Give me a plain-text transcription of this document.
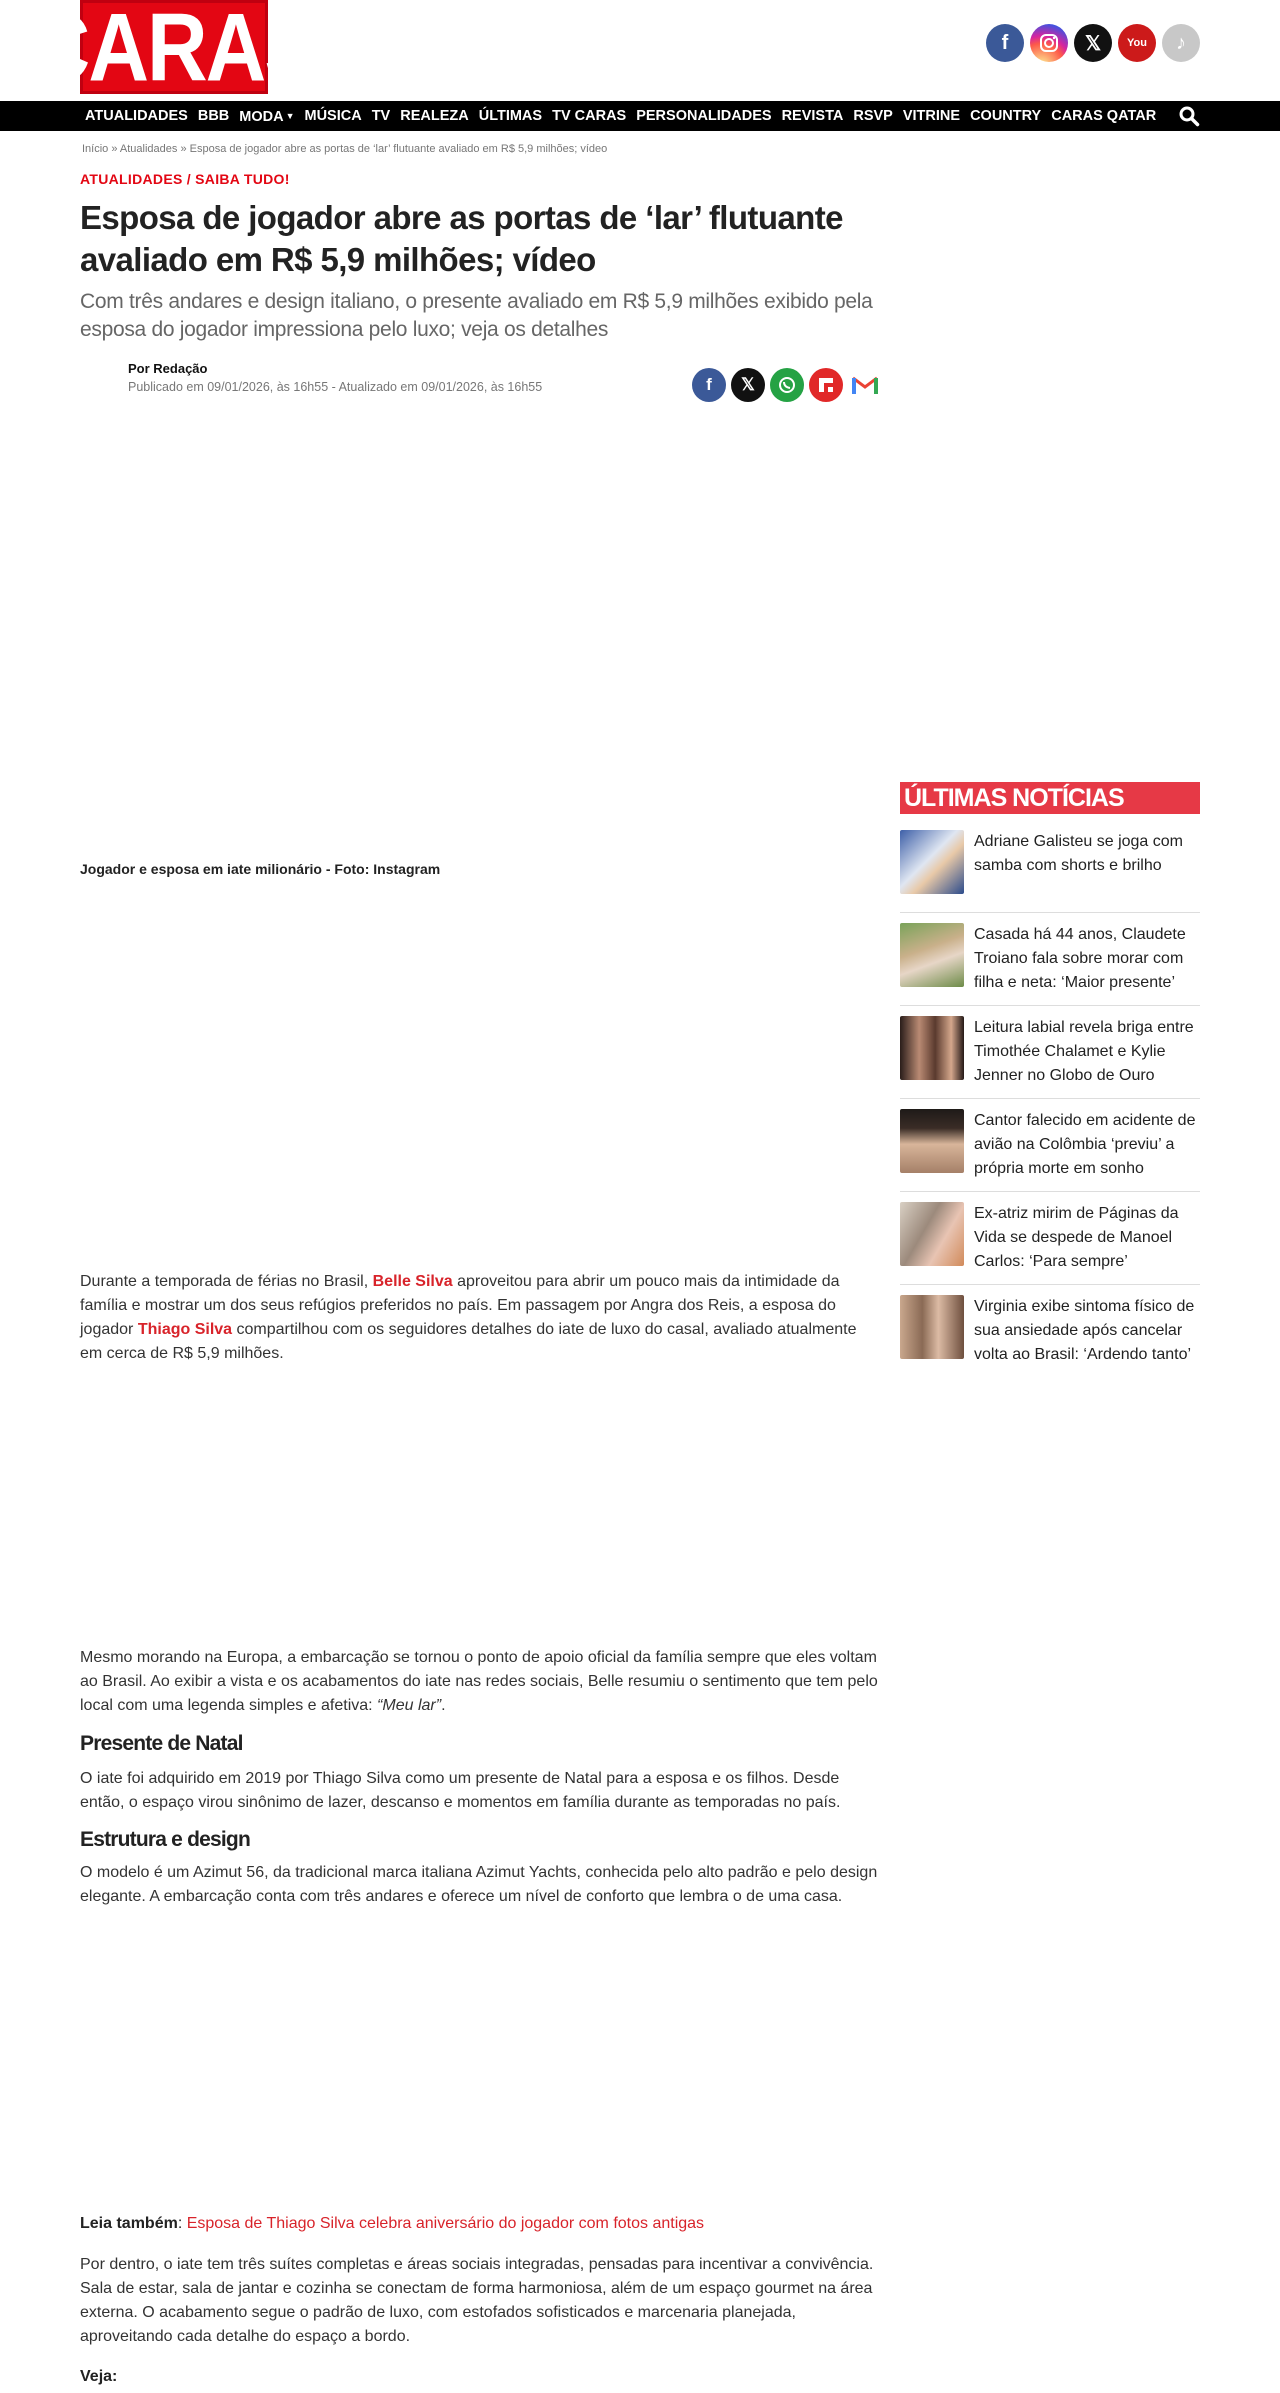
CARAS	f	𝕏	You	♪
ATUALIDADES BBB MODA ▼ MÚSICA TV REALEZA ÚLTIMAS TV CARAS PERSONALIDADES REVISTA RSVP VITRINE COUNTRY CARAS QATAR
Início » Atualidades » Esposa de jogador abre as portas de ‘lar’ flutuante avaliado em R$ 5,9 milhões; vídeo
ATUALIDADES / SAIBA TUDO!
Esposa de jogador abre as portas de ‘lar’ flutuante avaliado em R$ 5,9 milhões; vídeo
Com três andares e design italiano, o presente avaliado em R$ 5,9 milhões exibido pela esposa do jogador impressiona pelo luxo; veja os detalhes
Por Redação
Publicado em 09/01/2026, às 16h55 - Atualizado em 09/01/2026, às 16h55	f	𝕏
Jogador e esposa em iate milionário - Foto: Instagram

Durante a temporada de férias no Brasil, Belle Silva aproveitou para abrir um pouco mais da intimidade da família e mostrar um dos seus refúgios preferidos no país. Em passagem por Angra dos Reis, a esposa do jogador Thiago Silva compartilhou com os seguidores detalhes do iate de luxo do casal, avaliado atualmente em cerca de R$ 5,9 milhões.

Mesmo morando na Europa, a embarcação se tornou o ponto de apoio oficial da família sempre que eles voltam ao Brasil. Ao exibir a vista e os acabamentos do iate nas redes sociais, Belle resumiu o sentimento que tem pelo local com uma legenda simples e afetiva: “Meu lar”.

Presente de Natal

O iate foi adquirido em 2019 por Thiago Silva como um presente de Natal para a esposa e os filhos. Desde então, o espaço virou sinônimo de lazer, descanso e momentos em família durante as temporadas no país.

Estrutura e design

O modelo é um Azimut 56, da tradicional marca italiana Azimut Yachts, conhecida pelo alto padrão e pelo design elegante. A embarcação conta com três andares e oferece um nível de conforto que lembra o de uma casa.

Leia também: Esposa de Thiago Silva celebra aniversário do jogador com fotos antigas

Por dentro, o iate tem três suítes completas e áreas sociais integradas, pensadas para incentivar a convivência. Sala de estar, sala de jantar e cozinha se conectam de forma harmoniosa, além de um espaço gourmet na área externa. O acabamento segue o padrão de luxo, com estofados sofisticados e marcenaria planejada, aproveitando cada detalhe do espaço a bordo.

Veja:
ÚLTIMAS NOTÍCIAS
Adriane Galisteu se joga com samba com shorts e brilho
Casada há 44 anos, Claudete Troiano fala sobre morar com filha e neta: ‘Maior presente’
Leitura labial revela briga entre Timothée Chalamet e Kylie Jenner no Globo de Ouro
Cantor falecido em acidente de avião na Colômbia ‘previu’ a própria morte em sonho
Ex-atriz mirim de Páginas da Vida se despede de Manoel Carlos: ‘Para sempre’
Virginia exibe sintoma físico de sua ansiedade após cancelar volta ao Brasil: ‘Ardendo tanto’
